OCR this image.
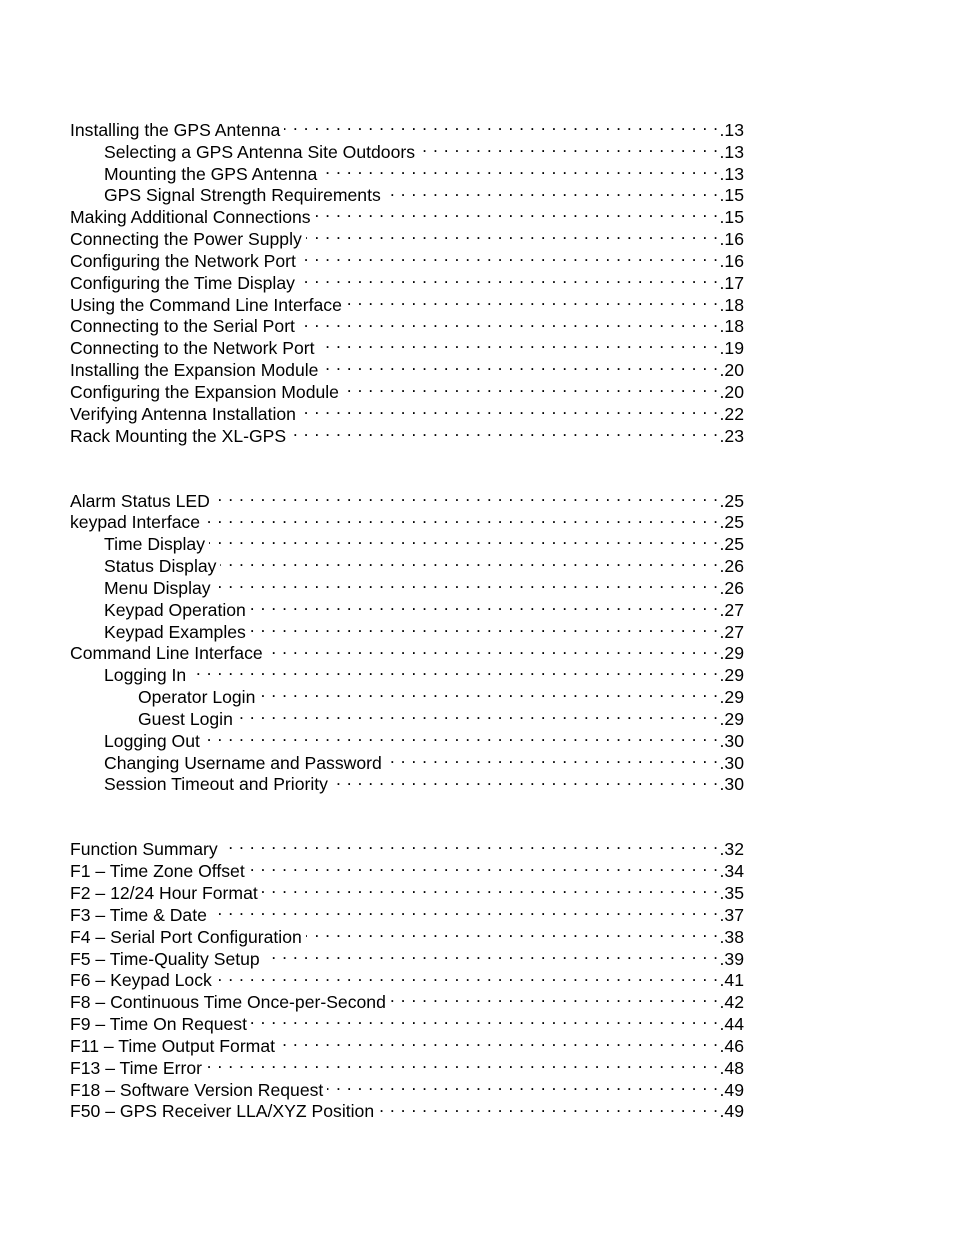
Installing the GPS Antenna . . .	.13
Selecting a GPS Antenna Site Outdoors . . .	.13
Mounting the GPS Antenna . . .	.13
GPS Signal Strength Requirements . . .	.15
Making Additional Connections . . .	.15
Connecting the Power Supply . . .	.16
Configuring the Network Port . . .	.16
Configuring the Time Display . . .	.17
Using the Command Line Interface . . .	.18
Connecting to the Serial Port . . .	.18
Connecting to the Network Port . . .	.19
Installing the Expansion Module . . .	.20
Configuring the Expansion Module . . .	.20
Verifying Antenna Installation . . .	.22
Rack Mounting the XL-GPS . . .	.23
Alarm Status LED . . .	.25
keypad Interface . . .	.25
Time Display . . .	.25
Status Display . . .	.26
Menu Display . . .	.26
Keypad Operation . . .	.27
Keypad Examples . . .	.27
Command Line Interface . . .	.29
Logging In . . .	.29
Operator Login . . .	.29
Guest Login . . .	.29
Logging Out . . .	.30
Changing Username and Password . . .	.30
Session Timeout and Priority . . .	.30
Function Summary . . .	.32
F1 – Time Zone Offset . . .	.34
F2 – 12/24 Hour Format . . .	.35
F3 – Time & Date . . .	.37
F4 – Serial Port Configuration . . .	.38
F5 – Time-Quality Setup . . .	.39
F6 – Keypad Lock . . .	.41
F8 – Continuous Time Once-per-Second . . .	.42
F9 – Time On Request . . .	.44
F11 – Time Output Format . . .	.46
F13 – Time Error . . .	.48
F18 – Software Version Request . . .	.49
F50 – GPS Receiver LLA/XYZ Position . . .	.49
